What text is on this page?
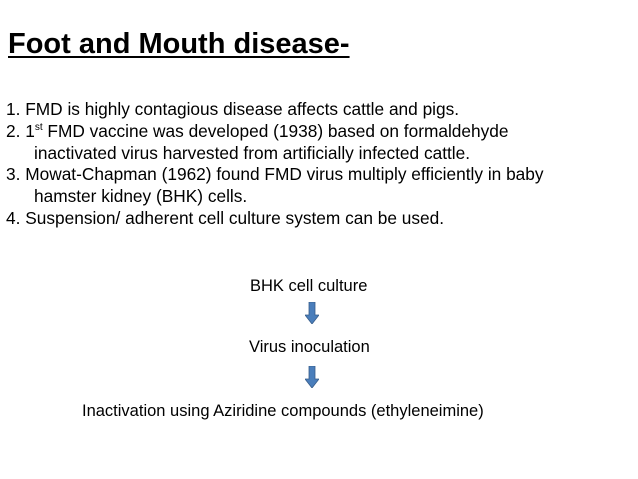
Foot and Mouth disease-
1. FMD is highly contagious disease affects cattle and pigs.
2. 1st FMD vaccine was developed (1938) based on formaldehyde
inactivated virus harvested from artificially infected cattle.
3. Mowat-Chapman (1962) found FMD virus multiply efficiently in baby
hamster kidney (BHK) cells.
4. Suspension/ adherent cell culture system can be used.
BHK cell culture
Virus inoculation
Inactivation using Aziridine compounds (ethyleneimine)
